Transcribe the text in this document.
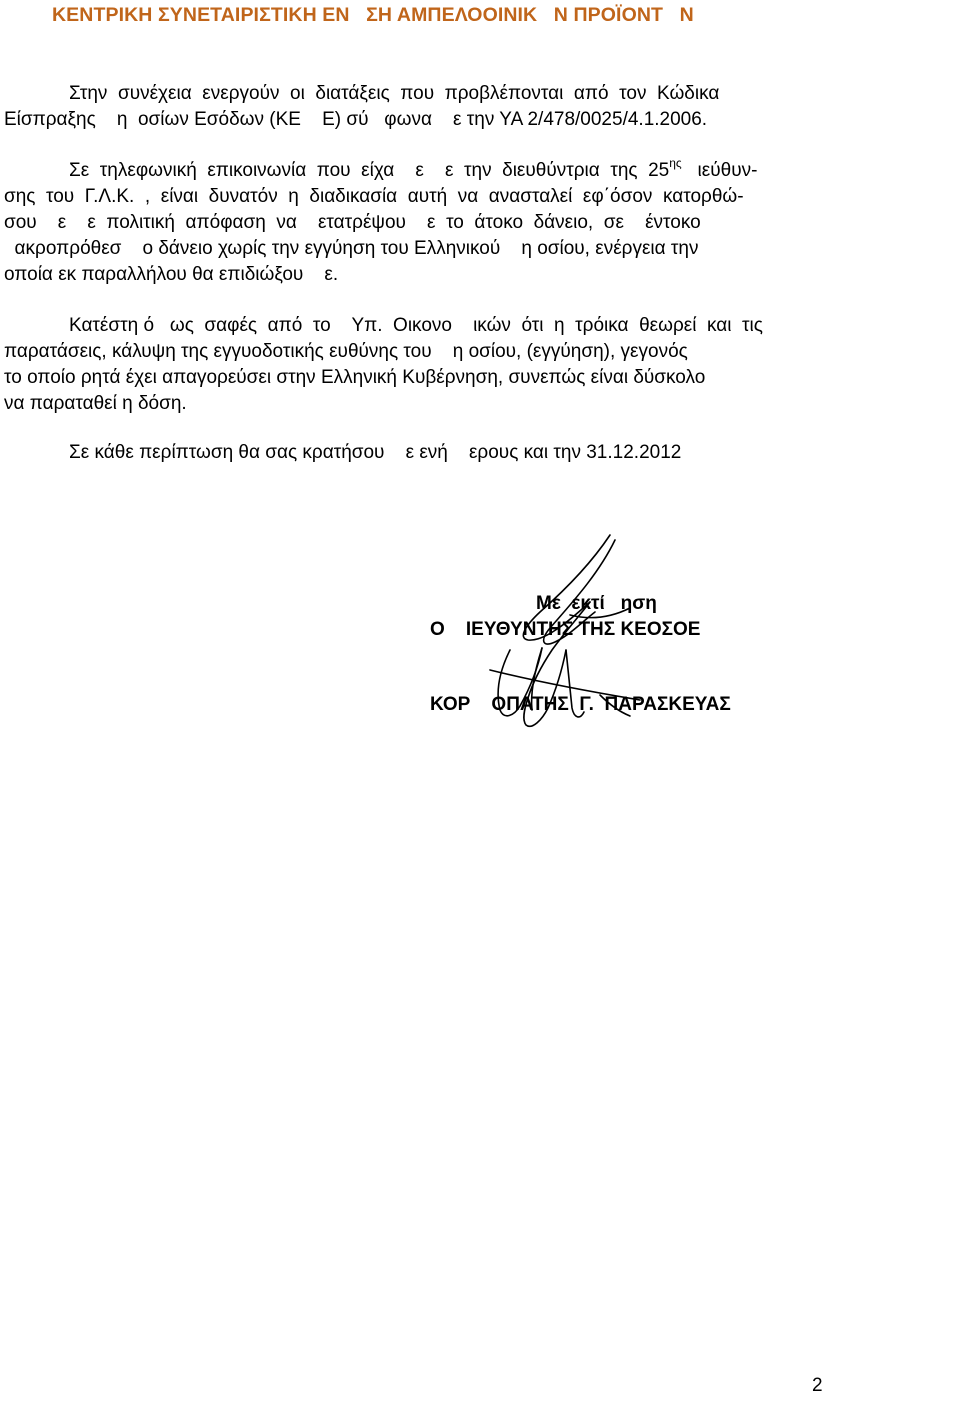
ΚΕΝΤΡΙΚΗ ΣΥΝΕΤΑΙΡΙΣΤΙΚΗ ΕΝ   ΣΗ ΑΜΠΕΛΟΟΙΝΙΚ   Ν ΠΡΟΪΟΝΤ   Ν
Στην  συνέχεια  ενεργούν  οι  διατάξεις  που  προβλέπονται  από  τον  Κώδικα
Είσπραξης    η  οσίων Εσόδων (ΚΕ    Ε) σύ   φωνα    ε την ΥΑ 2/478/0025/4.1.2006.
Σε  τηλεφωνική  επικοινωνία  που  είχα    ε    ε  την  διευθύντρια  της  $25^{\eta\varsigma}$   ιεύθυν-
σης  του  Γ.Λ.Κ.  ,  είναι  δυνατόν  η  διαδικασία  αυτή  να  ανασταλεί  εφ΄όσον  κατορθώ-
σου    ε    ε  πολιτική  απόφαση  να    ετατρέψου    ε  το  άτοκο  δάνειο,  σε    έντοκο
ακροπρόθεσ    ο δάνειο χωρίς την εγγύηση του Ελληνικού    η οσίου, ενέργεια την
οποία εκ παραλλήλου θα επιδιώξου    ε.
Κατέστη ό   ως  σαφές  από  το    Υπ.  Οικονο    ικών  ότι  η  τρόικα  θεωρεί  και  τις
παρατάσεις, κάλυψη της εγγυοδοτικής ευθύνης του    η οσίου, (εγγύηση), γεγονός
το οποίο ρητά έχει απαγορεύσει στην Ελληνική Κυβέρνηση, συνεπώς είναι δύσκολο
να παραταθεί η δόση.
Σε κάθε περίπτωση θα σας κρατήσου    ε ενή    ερους και την 31.12.2012
Με  εκτί   ηση
Ο    ΙΕΥΘΥΝΤΗΣ ΤΗΣ ΚΕΟΣΟΕ
ΚΟΡ    ΟΠΑΤΗΣ  Γ.  ΠΑΡΑΣΚΕΥΑΣ
2
